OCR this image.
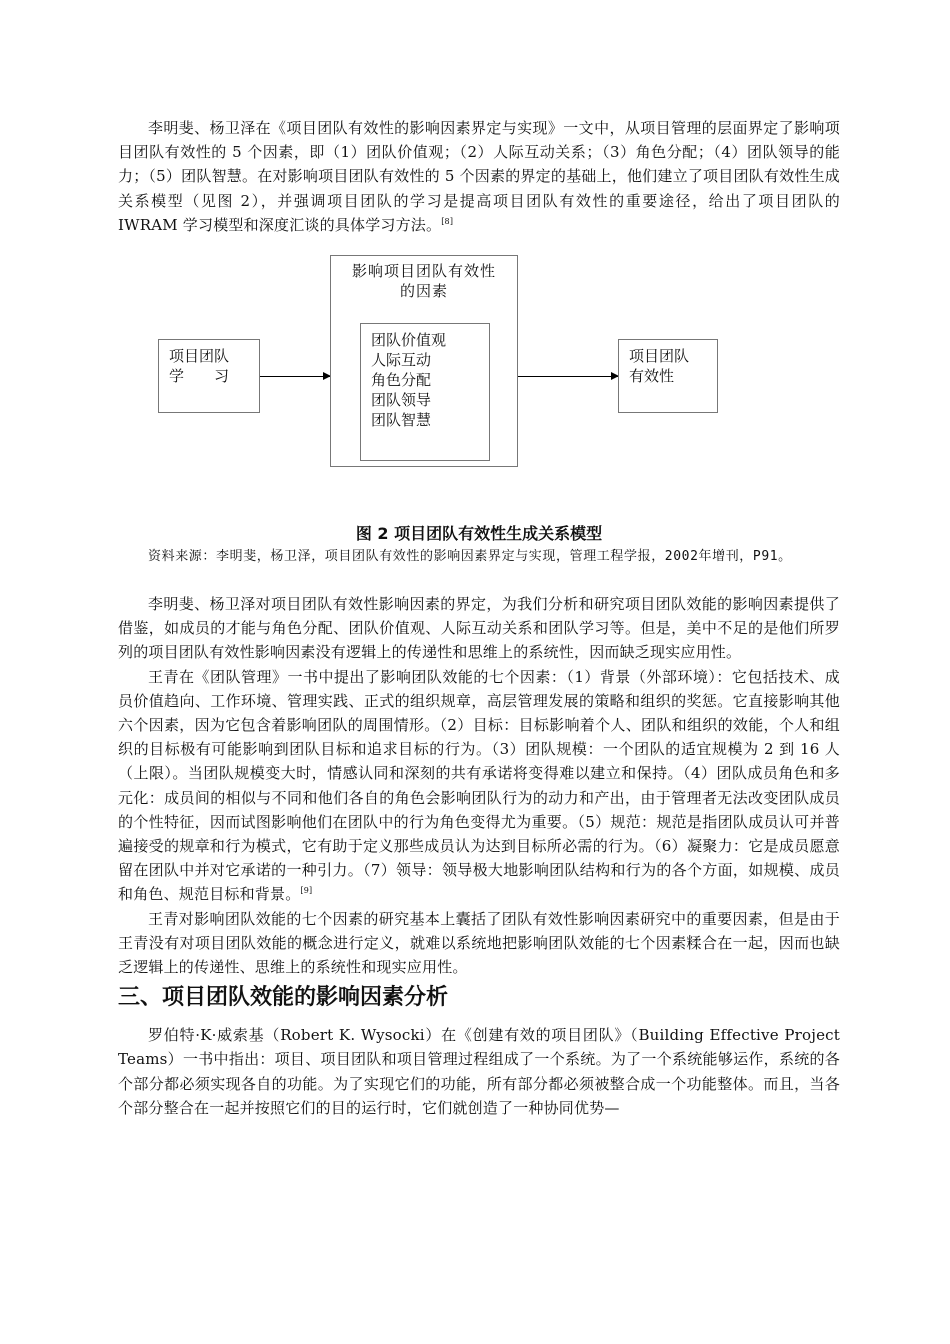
李明斐、杨卫泽在《项目团队有效性的影响因素界定与实现》一文中，从项目管理的层面界定了影响项目团队有效性的 5 个因素，即（1）团队价值观；（2）人际互动关系；（3）角色分配；（4）团队领导的能力；（5）团队智慧。在对影响项目团队有效性的 5 个因素的界定的基础上，他们建立了项目团队有效性生成关系模型（见图 2），并强调项目团队的学习是提高项目团队有效性的重要途径，给出了项目团队的 IWRAM 学习模型和深度汇谈的具体学习方法。[8]

项目团队
学　　习
影响项目团队有效性
的因素
团队价值观
人际互动
角色分配
团队领导
团队智慧
项目团队
有效性
图 2 项目团队有效性生成关系模型

资料来源：李明斐，杨卫泽，项目团队有效性的影响因素界定与实现，管理工程学报，2002年增刊，P91。

李明斐、杨卫泽对项目团队有效性影响因素的界定，为我们分析和研究项目团队效能的影响因素提供了借鉴，如成员的才能与角色分配、团队价值观、人际互动关系和团队学习等。但是，美中不足的是他们所罗列的项目团队有效性影响因素没有逻辑上的传递性和思维上的系统性，因而缺乏现实应用性。

王青在《团队管理》一书中提出了影响团队效能的七个因素：（1）背景（外部环境）：它包括技术、成员价值趋向、工作环境、管理实践、正式的组织规章，高层管理发展的策略和组织的奖惩。它直接影响其他六个因素，因为它包含着影响团队的周围情形。（2）目标：目标影响着个人、团队和组织的效能，个人和组织的目标极有可能影响到团队目标和追求目标的行为。（3）团队规模：一个团队的适宜规模为 2 到 16 人（上限）。当团队规模变大时，情感认同和深刻的共有承诺将变得难以建立和保持。（4）团队成员角色和多元化：成员间的相似与不同和他们各自的角色会影响团队行为的动力和产出，由于管理者无法改变团队成员的个性特征，因而试图影响他们在团队中的行为角色变得尤为重要。（5）规范：规范是指团队成员认可并普遍接受的规章和行为模式，它有助于定义那些成员认为达到目标所必需的行为。（6）凝聚力：它是成员愿意留在团队中并对它承诺的一种引力。（7）领导：领导极大地影响团队结构和行为的各个方面，如规模、成员和角色、规范目标和背景。[9]

王青对影响团队效能的七个因素的研究基本上囊括了团队有效性影响因素研究中的重要因素，但是由于王青没有对项目团队效能的概念进行定义，就难以系统地把影响团队效能的七个因素糅合在一起，因而也缺乏逻辑上的传递性、思维上的系统性和现实应用性。

三、项目团队效能的影响因素分析

罗伯特·K·威索基（Robert K. Wysocki）在《创建有效的项目团队》（Building Effective Project Teams）一书中指出：项目、项目团队和项目管理过程组成了一个系统。为了一个系统能够运作，系统的各个部分都必须实现各自的功能。为了实现它们的功能，所有部分都必须被整合成一个功能整体。而且，当各个部分整合在一起并按照它们的目的运行时，它们就创造了一种协同优势—
